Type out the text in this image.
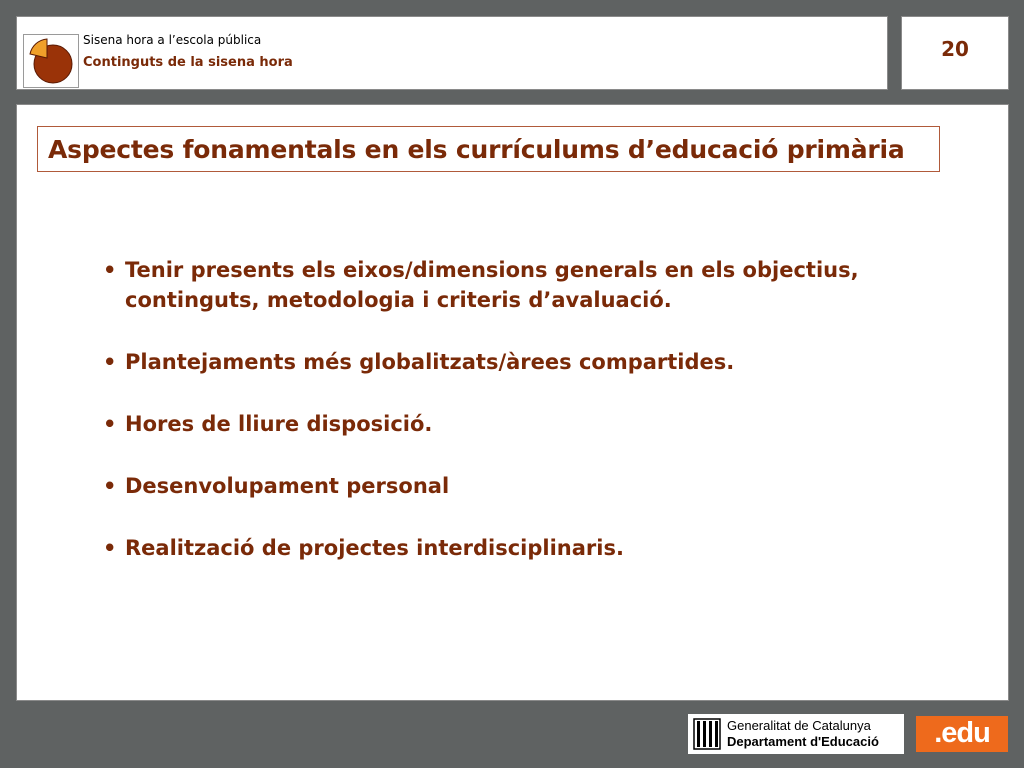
Sisena hora a l’escola pública
Continguts de la sisena hora
20
Aspectes fonamentals en els currículums d’educació primària
• Tenir presents els eixos/dimensions generals en els objectius, continguts, metodologia i criteris d’avaluació.
• Plantejaments més globalitzats/àrees compartides.
• Hores de lliure disposició.
• Desenvolupament personal
• Realització de projectes interdisciplinaris.
Generalitat de Catalunya
Departament d'Educació	.edu
